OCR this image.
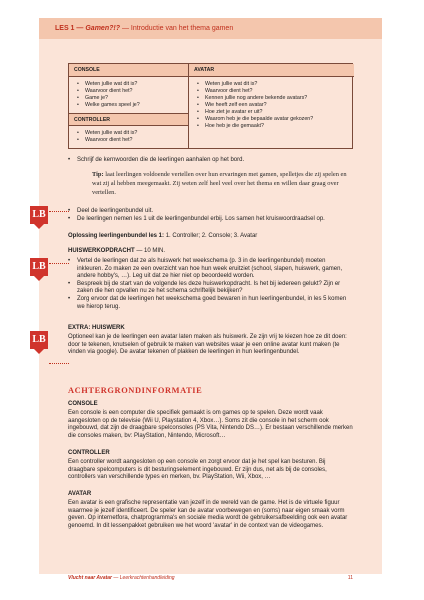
LES 1 — Gamen?!? — Introductie van het thema gamen
CONSOLE
• Weten jullie wat dit is?
• Waarvoor dient het?
• Game je?
• Welke games speel je?
CONTROLLER
• Weten jullie wat dit is?
• Waarvoor dient het?
AVATAR
• Weten jullie wat dit is?
• Waarvoor dient het?
• Kennen jullie nog andere bekende avatars?
• Wie heeft zelf een avatar?
• Hoe ziet je avatar er uit?
• Waarom heb je die bepaalde avatar gekozen?
• Hoe heb je die gemaakt?
• Schrijf de kernwoorden die de leerlingen aanhalen op het bord.
Tip: laat leerlingen voldoende vertellen over hun ervaringen met gamen, spelletjes die zij spelen en wat zij al hebben meegemaakt. Zij weten zelf heel veel over het thema en willen daar graag over vertellen.
LB	• Deel de leerlingenbundel uit.
• De leerlingen nemen les 1 uit de leerlingenbundel erbij. Los samen het kruiswoordraadsel op.
Oplossing leerlingenbundel les 1: 1. Controller; 2. Console; 3. Avatar
HUISWERKOPDRACHT — 10 MIN.
LB	• Vertel de leerlingen dat ze als huiswerk het weekschema (p. 3 in de leerlingenbundel) moeten inkleuren. Zo maken ze een overzicht van hoe hun week eruitziet (school, slapen, huiswerk, gamen, andere hobby's, …). Leg uit dat ze hier niet op beoordeeld worden.
• Bespreek bij de start van de volgende les deze huiswerkopdracht. Is het bij iedereen gelukt? Zijn er zaken die hen opvallen nu ze het schema schriftelijk bekijken?
• Zorg ervoor dat de leerlingen het weekschema goed bewaren in hun leerlingenbundel, in les 5 komen we hierop terug.
EXTRA: HUISWERK
Optioneel kan je de leerlingen een avatar laten maken als huiswerk. Ze zijn vrij te kiezen hoe ze dit doen: door te tekenen, knutselen of gebruik te maken van websites waar je een online avatar kunt maken (te vinden via google). De avatar tekenen of plakken de leerlingen in hun leerlingenbundel.
LB
ACHTERGRONDINFORMATIE
CONSOLE
Een console is een computer die specifiek gemaakt is om games op te spelen. Deze wordt vaak aangesloten op de televisie (Wii U, Playstation 4, Xbox…). Soms zit die console in het scherm ook ingebouwd, dat zijn de draagbare spelconsoles (PS Vita, Nintendo DS…). Er bestaan verschillende merken die consoles maken, bv: PlayStation, Nintendo, Microsoft…
CONTROLLER
Een controller wordt aangesloten op een console en zorgt ervoor dat je het spel kan besturen. Bij draagbare spelcomputers is dit besturingselement ingebouwd. Er zijn dus, net als bij de consoles, controllers van verschillende types en merken, bv. PlayStation, Wii, Xbox, …
AVATAR
Een avatar is een grafische representatie van jezelf in de wereld van de game. Het is de virtuele figuur waarmee je jezelf identificeert. De speler kan de avatar voorbewegen en (soms) naar eigen smaak vorm geven. Op internetfora, chatprogramma's en sociale media wordt de gebruikersafbeelding ook een avatar genoemd. In dit lessenpakket gebruiken we het woord 'avatar' in de context van de videogames.
Vlucht naar Avatar — Leerkrachtenhandleiding	11
